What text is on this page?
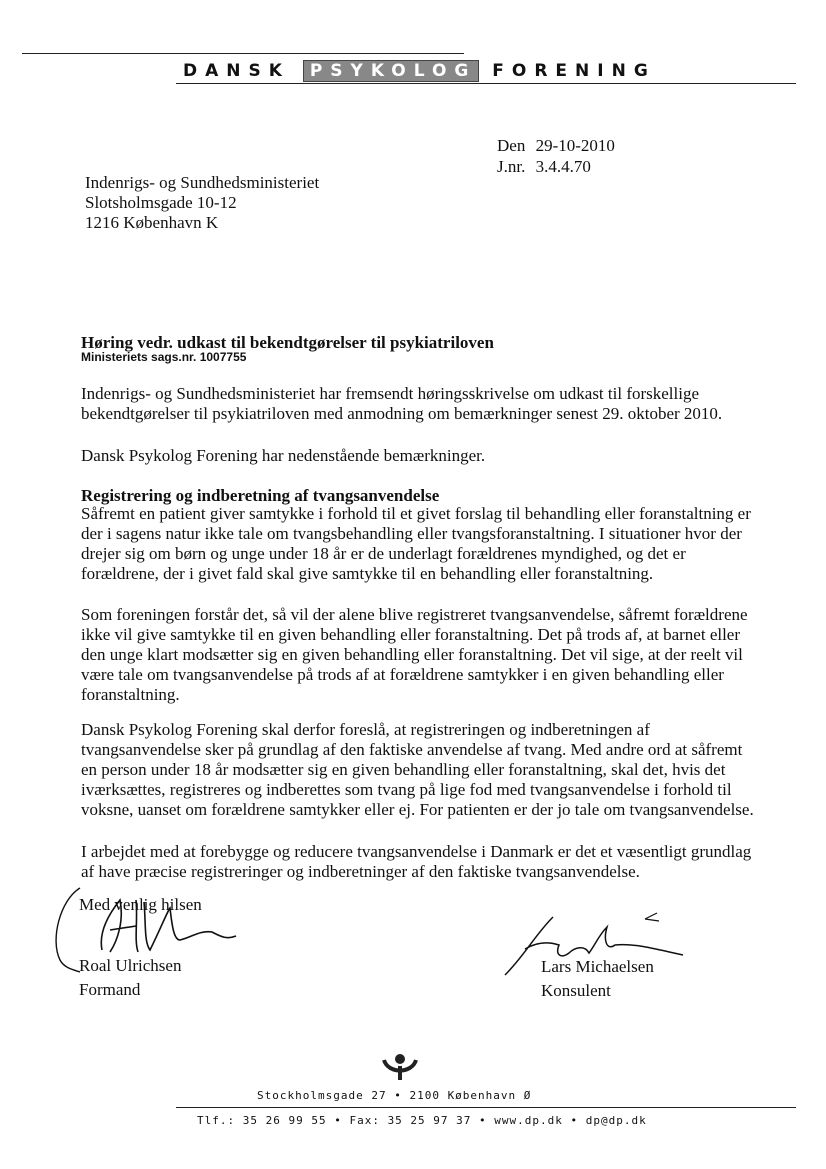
DANSK PSYKOLOG FORENING
Den 29-10-2010
J.nr. 3.4.4.70
Indenrigs- og Sundhedsministeriet
Slotsholmsgade 10-12
1216 København K
Høring vedr. udkast til bekendtgørelser til psykiatriloven
Ministeriets sags.nr. 1007755

Indenrigs- og Sundhedsministeriet har fremsendt høringsskrivelse om udkast til forskellige bekendtgørelser til psykiatriloven med anmodning om bemærkninger senest 29. oktober 2010.

Dansk Psykolog Forening har nedenstående bemærkninger.

Registrering og indberetning af tvangsanvendelse

Såfremt en patient giver samtykke i forhold til et givet forslag til behandling eller foranstaltning er der i sagens natur ikke tale om tvangsbehandling eller tvangsforanstaltning. I situationer hvor der drejer sig om børn og unge under 18 år er de underlagt forældrenes myndighed, og det er forældrene, der i givet fald skal give samtykke til en behandling eller foranstaltning.

Som foreningen forstår det, så vil der alene blive registreret tvangsanvendelse, såfremt forældrene ikke vil give samtykke til en given behandling eller foranstaltning. Det på trods af, at barnet eller den unge klart modsætter sig en given behandling eller foranstaltning. Det vil sige, at der reelt vil være tale om tvangsanvendelse på trods af at forældrene samtykker i en given behandling eller foranstaltning.

Dansk Psykolog Forening skal derfor foreslå, at registreringen og indberetningen af tvangsanvendelse sker på grundlag af den faktiske anvendelse af tvang. Med andre ord at såfremt en person under 18 år modsætter sig en given behandling eller foranstaltning, skal det, hvis det iværksættes, registreres og indberettes som tvang på lige fod med tvangsanvendelse i forhold til voksne, uanset om forældrene samtykker eller ej. For patienten er der jo tale om tvangsanvendelse.

I arbejdet med at forebygge og reducere tvangsanvendelse i Danmark er det et væsentligt grundlag af have præcise registreringer og indberetninger af den faktiske tvangsanvendelse.

Med venlig hilsen
Roal Ulrichsen
Formand
Lars Michaelsen
Konsulent
Stockholmsgade 27 • 2100 København Ø
Tlf.: 35 26 99 55 • Fax: 35 25 97 37 • www.dp.dk • dp@dp.dk
